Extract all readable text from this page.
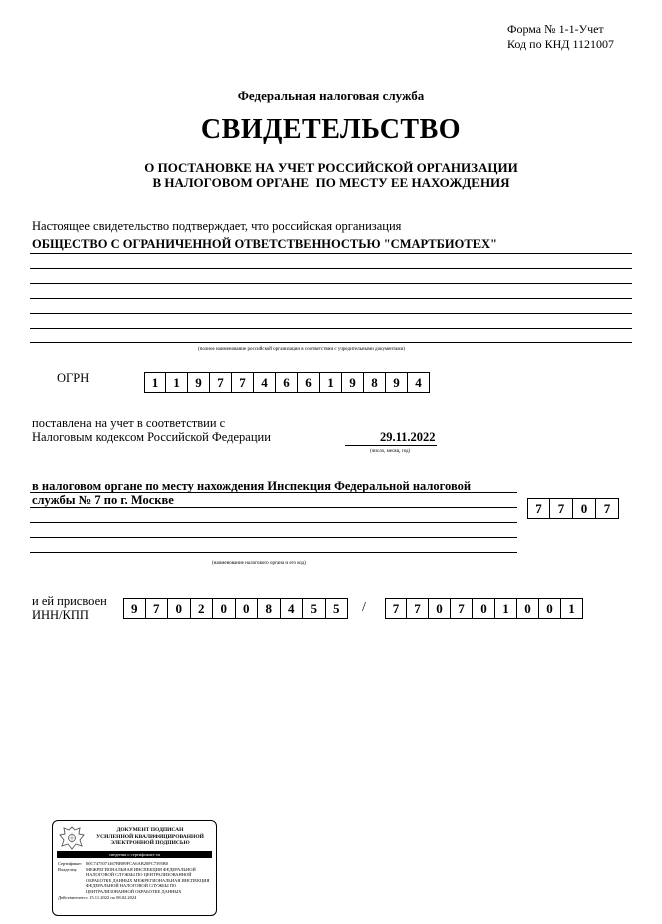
Форма № 1-1-Учет
Код по КНД 1121007
Федеральная налоговая служба
СВИДЕТЕЛЬСТВО
О ПОСТАНОВКЕ НА УЧЕТ РОССИЙСКОЙ ОРГАНИЗАЦИИ
В НАЛОГОВОМ ОРГАНЕ  ПО МЕСТУ ЕЕ НАХОЖДЕНИЯ
Настоящее свидетельство подтверждает, что российская организация
ОБЩЕСТВО С ОГРАНИЧЕННОЙ ОТВЕТСТВЕННОСТЬЮ "СМАРТБИОТЕХ"
(полное наименование российской организации в соответствии с учредительными документами)
ОГРН	1	1	9	7	7	4	6	6	1	9	8	9	4
поставлена на учет в соответствии с
Налоговым кодексом Российской Федерации	29.11.2022
(число, месяц, год)
в налоговом органе по месту нахождения Инспекция Федеральной налоговой
службы № 7 по г. Москве
(наименование налогового органа и его код)
7	7	0	7
и ей присвоен
ИНН/КПП	9	7	0	2	0	0	8	4	5	5	/	7	7	0	7	0	1	0	0	1
ДОКУМЕНТ ПОДПИСАН
УСИЛЕННОЙ КВАЛИФИЦИРОВАННОЙ
ЭЛЕКТРОННОЙ ПОДПИСЬЮ
сведения о сертификате эп
Сертификат: 00C7475071467BB89FCA6AB20FC7395B0
Владелец:	МЕЖРЕГИОНАЛЬНАЯ ИНСПЕКЦИЯ ФЕДЕРАЛЬНОЙ НАЛОГОВОЙ СЛУЖБЫ ПО ЦЕНТРАЛИЗОВАННОЙ ОБРАБОТКЕ ДАННЫХ МЕЖРЕГИОНАЛЬНАЯ ИНСПЕКЦИЯ ФЕДЕРАЛЬНОЙ НАЛОГОВОЙ СЛУЖБЫ ПО ЦЕНТРАЛИЗОВАННОЙ ОБРАБОТКЕ ДАННЫХ
Действителен: с 15.11.2022 по 08.02.2024
